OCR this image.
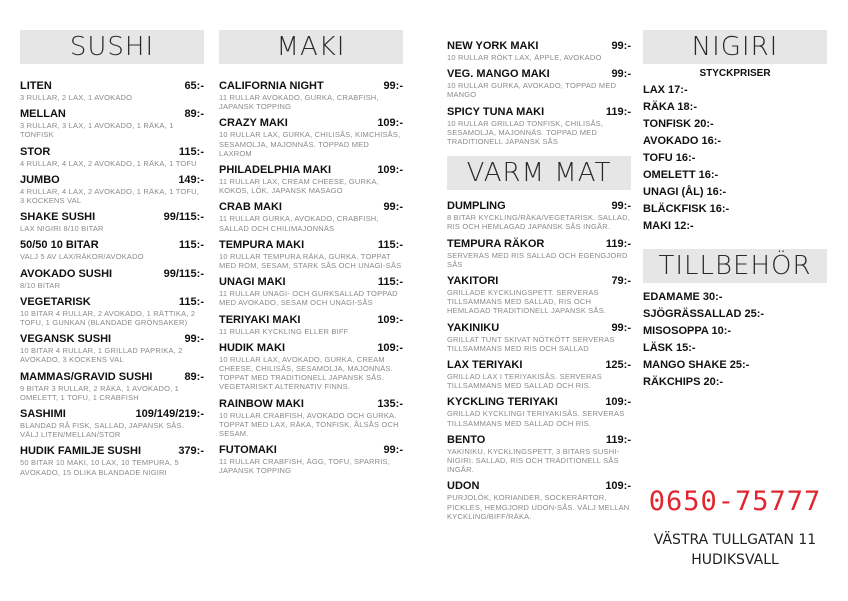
SUSHI
LITEN	65:-
3 RULLAR, 2 LAX, 1 AVOKADO
MELLAN	89:-
3 RULLAR, 3 LAX, 1 AVOKADO, 1 RÄKA, 1 TONFISK
STOR	115:-
4 RULLAR, 4 LAX, 2 AVOKADO, 1 RÄKA, 1 TOFU
JUMBO	149:-
4 RULLAR, 4 LAX, 2 AVOKADO, 1 RÄKA, 1 TOFU, 3 KOCKENS VAL
SHAKE SUSHI	99/115:-
LAX NIGIRI 8/10 BITAR
50/50 10 BITAR	115:-
VALJ 5 AV LAX/RÄKOR/AVOKADO
AVOKADO SUSHI	99/115:-
8/10 BITAR
VEGETARISK	115:-
10 BITAR 4 RULLAR, 2 AVOKADO, 1 RÄTTIKA, 2 TOFU, 1 GUNKAN (BLANDADE GRÖNSAKER)
VEGANSK SUSHI	99:-
10 BITAR 4 RULLAR, 1 GRILLAD PAPRIKA, 2 AVOKADO, 3 KOCKENS VAL
MAMMAS/GRAVID SUSHI	89:-
9 BITAR 3 RULLAR, 2 RÄKA, 1 AVOKADO, 1 OMELETT, 1 TOFU, 1 CRABFISH
SASHIMI	109/149/219:-
BLANDAD RÅ FISK, SALLAD, JAPANSK SÅS. VÄLJ LITEN/MELLAN/STOR
HUDIK FAMILJE SUSHI	379:-
50 BITAR 10 MAKI, 10 LAX, 10 TEMPURA, 5 AVOKADO, 15 OLIKA BLANDADE NIGIRI
MAKI
CALIFORNIA NIGHT	99:-
11 RULLAR AVOKADO, GURKA, CRABFISH, JAPANSK TOPPING
CRAZY MAKI	109:-
10 RULLAR LAX, GURKA, CHILISÅS, KIMCHISÅS, SESAMOLJA, MAJONNÄS. TOPPAD MED LAXROM
PHILADELPHIA MAKI	109:-
11 RULLAR LAX, CREAM CHEESE, GURKA, KOKOS, LÖK, JAPANSK MASAGO
CRAB MAKI	99:-
11 RULLAR GURKA, AVOKADO, CRABFISH, SALLAD OCH CHILIMAJONNÄS
TEMPURA MAKI	115:-
10 RULLAR TEMPURA RÄKA, GURKA. TOPPAT MED ROM, SESAM, STARK SÅS OCH UNAGI-SÅS
UNAGI MAKI	115:-
11 RULLAR UNAGI- OCH GURKSALLAD TOPPAD MED AVOKADO, SESAM OCH UNAGI-SÅS
TERIYAKI MAKI	109:-
11 RULLAR KYCKLING ELLER BIFF
HUDIK MAKI	109:-
10 RULLAR LAX, AVOKADO, GURKA, CREAM CHEESE, CHILISÅS, SESAMOLJA, MAJONNÄS. TOPPAT MED TRADITIONELL JAPANSK SÅS. VEGETARISKT ALTERNATIV FINNS.
RAINBOW MAKI	135:-
10 RULLAR CRABFISH, AVOKADO OCH GURKA. TOPPAT MED LAX, RÄKA, TONFISK, ÅLSÅS OCH SESAM.
FUTOMAKI	99:-
11 RULLAR CRABFISH, ÄGG, TOFU, SPARRIS, JAPANSK TOPPING
NEW YORK MAKI	99:-
10 RULLAR RÖKT LAX, ÄPPLE, AVOKADO
VEG. MANGO MAKI	99:-
10 RULLAR GURKA, AVOKADO, TOPPAD MED MANGO
SPICY TUNA MAKI	119:-
10 RULLAR GRILLAD TONFISK, CHILISÅS, SESAMOLJA, MAJONNÄS. TOPPAD MED TRADITIONELL JAPANSK SÅS
VARM MAT
DUMPLING	99:-
8 BITAR KYCKLING/RÄKA/VEGETARISK. SALLAD, RIS OCH HEMLAGAD JAPANSK SÅS INGÅR.
TEMPURA RÄKOR	119:-
SERVERAS MED RIS SALLAD OCH EGENGJORD SÅS
YAKITORI	79:-
GRILLADE KYCKLINGSPETT. SERVERAS TILLSAMMANS MED SALLAD, RIS OCH HEMLAGAD TRADITIONELL JAPANSK SÅS.
YAKINIKU	99:-
GRILLAT TUNT SKIVAT NÖTKÖTT SERVERAS TILLSAMMANS MED RIS OCH SALLAD
LAX TERIYAKI	125:-
GRILLAD LAX I TERIYAKISÅS. SERVERAS TILLSAMMANS MED SALLAD OCH RIS.
KYCKLING TERIYAKI	109:-
GRILLAD KYCKLINGI TERIYAKISÅS. SERVERAS TILLSAMMANS MED SALLAD OCH RIS.
BENTO	119:-
YAKINIKU, KYCKLINGSPETT, 3 BITARS SUSHI-NIGIRI. SALLAD, RIS OCH TRADITIONELL SÅS INGÅR.
UDON	109:-
PURJOLÖK, KORIANDER, SOCKERÄRTOR, PICKLES, HEMGJORD UDON-SÅS. VÄLJ MELLAN KYCKLING/BIFF/RÄKA.
NIGIRI
STYCKPRISER
LAX 17:-
RÄKA 18:-
TONFISK 20:-
AVOKADO 16:-
TOFU 16:-
OMELETT 16:-
UNAGI (ÅL) 16:-
BLÄCKFISK 16:-
MAKI 12:-
TILLBEHÖR
EDAMAME 30:-
SJÖGRÄSSALLAD 25:-
MISOSOPPA 10:-
LÄSK 15:-
MANGO SHAKE 25:-
RÄKCHIPS 20:-
0650-75777
VÄSTRA TULLGATAN 11
HUDIKSVALL
